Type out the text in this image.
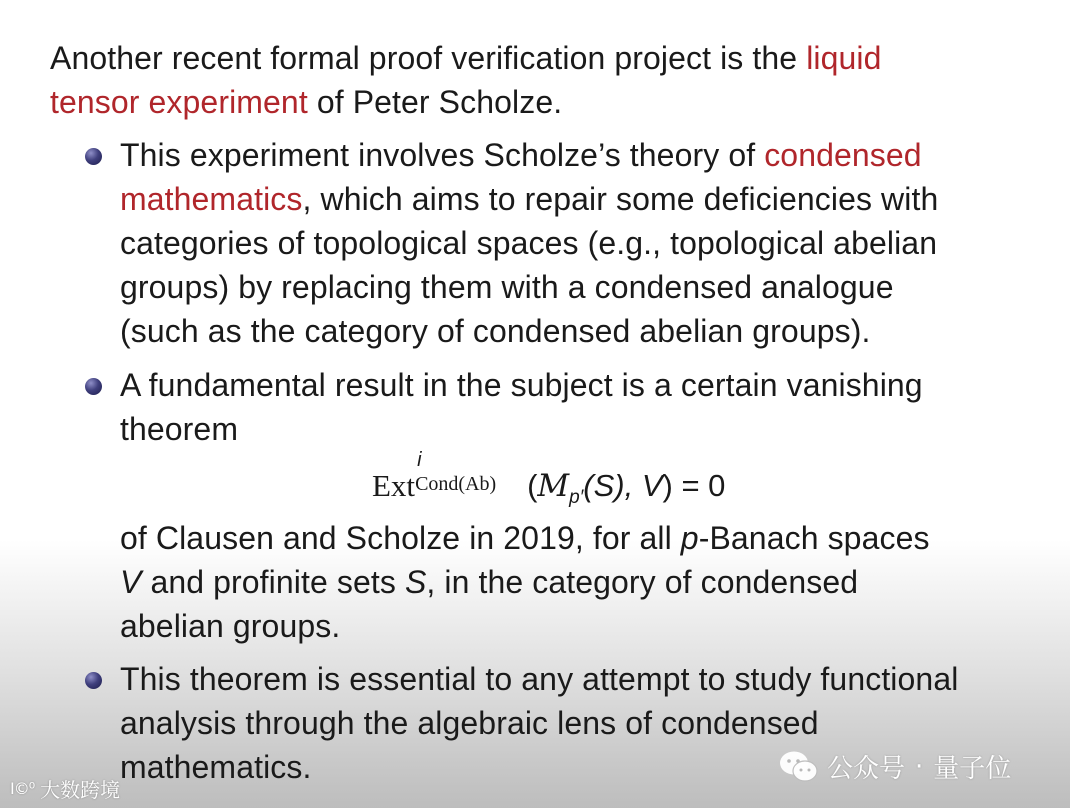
Another recent formal proof verification project is the liquid
tensor experiment of Peter Scholze.
This experiment involves Scholze’s theory of condensed
mathematics, which aims to repair some deficiencies with
categories of topological spaces (e.g., topological abelian
groups) by replacing them with a condensed analogue
(such as the category of condensed abelian groups).
A fundamental result in the subject is a certain vanishing
theorem
Ext
i
Cond(Ab) ($M_{p'}(S)$, V) = 0
of Clausen and Scholze in 2019, for all p-Banach spaces
V and profinite sets S, in the category of condensed
abelian groups.
This theorem is essential to any attempt to study functional
analysis through the algebraic lens of condensed
mathematics.	公众号 · 量子位
I©⁰ 大数跨境
